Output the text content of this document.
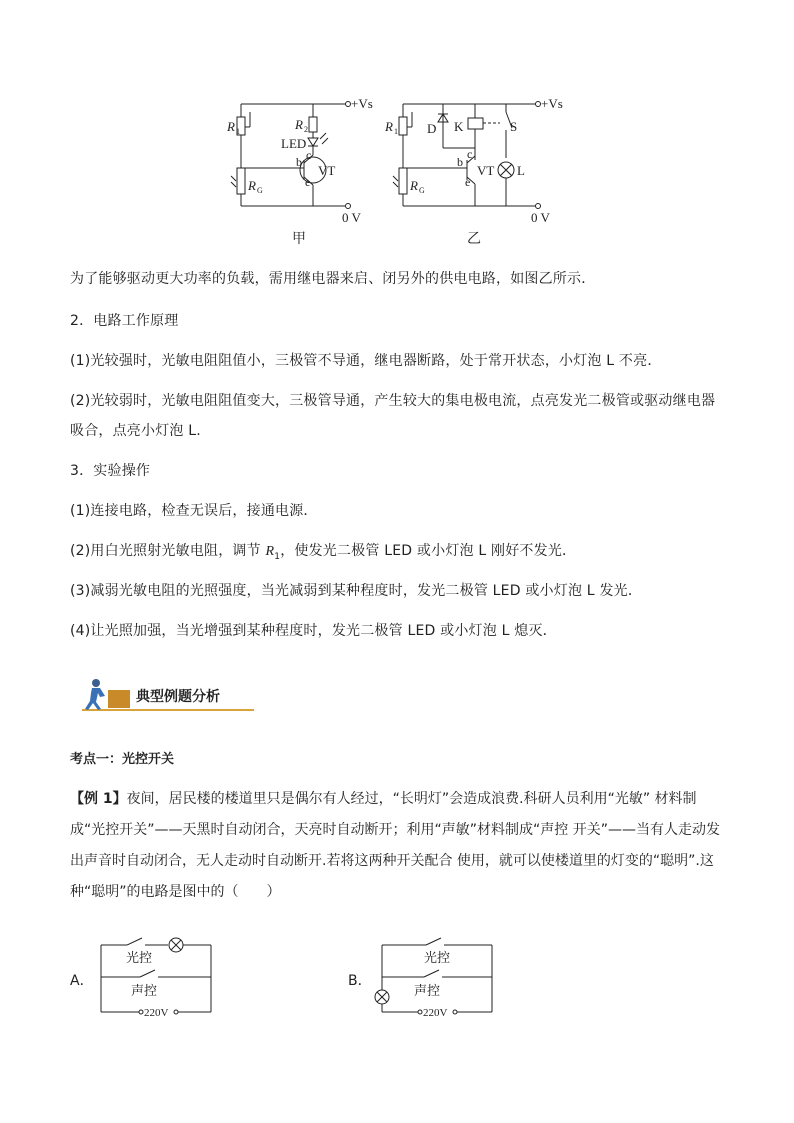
+Vs
R 1	R 2
LED
b c
e
VT
R G
0 V
甲
+Vs
R 1 D K	S
b
c
e
VT L
R G
0 V
乙

为了能够驱动更大功率的负载，需用继电器来启、闭另外的供电电路，如图乙所示．

2．电路工作原理

(1)光较强时，光敏电阻阻值小，三极管不导通，继电器断路，处于常开状态，小灯泡 L 不亮．

(2)光较弱时，光敏电阻阻值变大，三极管导通，产生较大的集电极电流，点亮发光二极管或驱动继电器吸合，点亮小灯泡 L.

3．实验操作

(1)连接电路，检查无误后，接通电源．

(2)用白光照射光敏电阻，调节 $R_1$，使发光二极管 LED 或小灯泡 L 刚好不发光．

(3)减弱光敏电阻的光照强度，当光减弱到某种程度时，发光二极管 LED 或小灯泡 L 发光．

(4)让光照加强，当光增强到某种程度时，发光二极管 LED 或小灯泡 L 熄灭．

典型例题分析
考点一：光控开关
【例 1】夜间，居民楼的楼道里只是偶尔有人经过，“长明灯”会造成浪费.科研人员利用“光敏” 材料制成“光控开关”——天黑时自动闭合，天亮时自动断开；利用“声敏”材料制成“声控 开关”——当有人走动发出声音时自动闭合，无人走动时自动断开.若将这两种开关配合 使用，就可以使楼道里的灯变的“聪明”.这种“聪明”的电路是图中的（　　）
A．
光控
声控
220V
B．
光控
声控
220V
